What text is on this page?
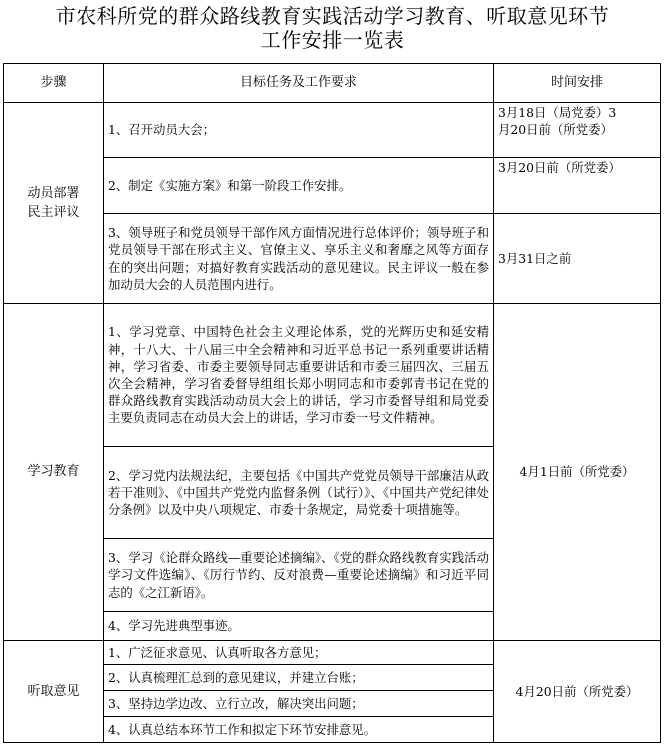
市农科所党的群众路线教育实践活动学习教育、听取意见环节
工作安排一览表
步骤	目标任务及工作要求	时间安排

动员部署民主评议	1、召开动员大会；	3月18日（局党委）3月20日前（所党委）

	2、制定《实施方案》和第一阶段工作安排。	3月20日前（所党委）

	3、领导班子和党员领导干部作风方面情况进行总体评价；领导班子和党员领导干部在形式主义、官僚主义、享乐主义和奢靡之风等方面存在的突出问题；对搞好教育实践活动的意见建议。民主评议一般在参加动员大会的人员范围内进行。	3月31日之前
学习教育	1、学习党章、中国特色社会主义理论体系，党的光辉历史和延安精神，十八大、十八届三中全会精神和习近平总书记一系列重要讲话精神，学习省委、市委主要领导同志重要讲话和市委三届四次、三届五次全会精神，学习省委督导组组长郑小明同志和市委郭青书记在党的群众路线教育实践活动动员大会上的讲话，学习市委督导组和局党委主要负责同志在动员大会上的讲话，学习市委一号文件精神。	4月1日前（所党委）
	2、学习党内法规法纪，主要包括《中国共产党党员领导干部廉洁从政若干准则》、《中国共产党党内监督条例（试行）》、《中国共产党纪律处分条例》以及中央八项规定、市委十条规定，局党委十项措施等。	
	3、学习《论群众路线—重要论述摘编》、《党的群众路线教育实践活动学习文件选编》、《厉行节约、反对浪费—重要论述摘编》和习近平同志的《之江新语》。	
	4、学习先进典型事迹。	
听取意见	1、广泛征求意见、认真听取各方意见；	4月20日前（所党委）

	2、认真梳理汇总到的意见建议，并建立台账；	
	3、坚持边学边改、立行立改，解决突出问题；	
	4、认真总结本环节工作和拟定下环节安排意见。	
